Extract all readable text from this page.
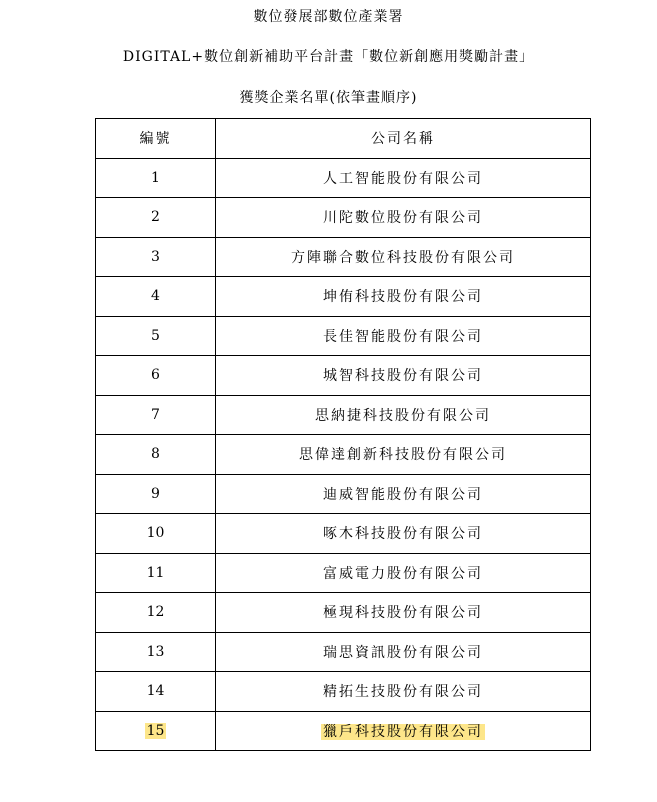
數位發展部數位產業署
DIGITAL+數位創新補助平台計畫「數位新創應用獎勵計畫」
獲獎企業名單(依筆畫順序)
編號	公司名稱
1	人工智能股份有限公司
2	川陀數位股份有限公司
3	方陣聯合數位科技股份有限公司
4	坤侑科技股份有限公司
5	長佳智能股份有限公司
6	城智科技股份有限公司
7	思納捷科技股份有限公司
8	思偉達創新科技股份有限公司
9	迪威智能股份有限公司
10	啄木科技股份有限公司
11	富威電力股份有限公司
12	極現科技股份有限公司
13	瑞思資訊股份有限公司
14	精拓生技股份有限公司
15	獵戶科技股份有限公司
